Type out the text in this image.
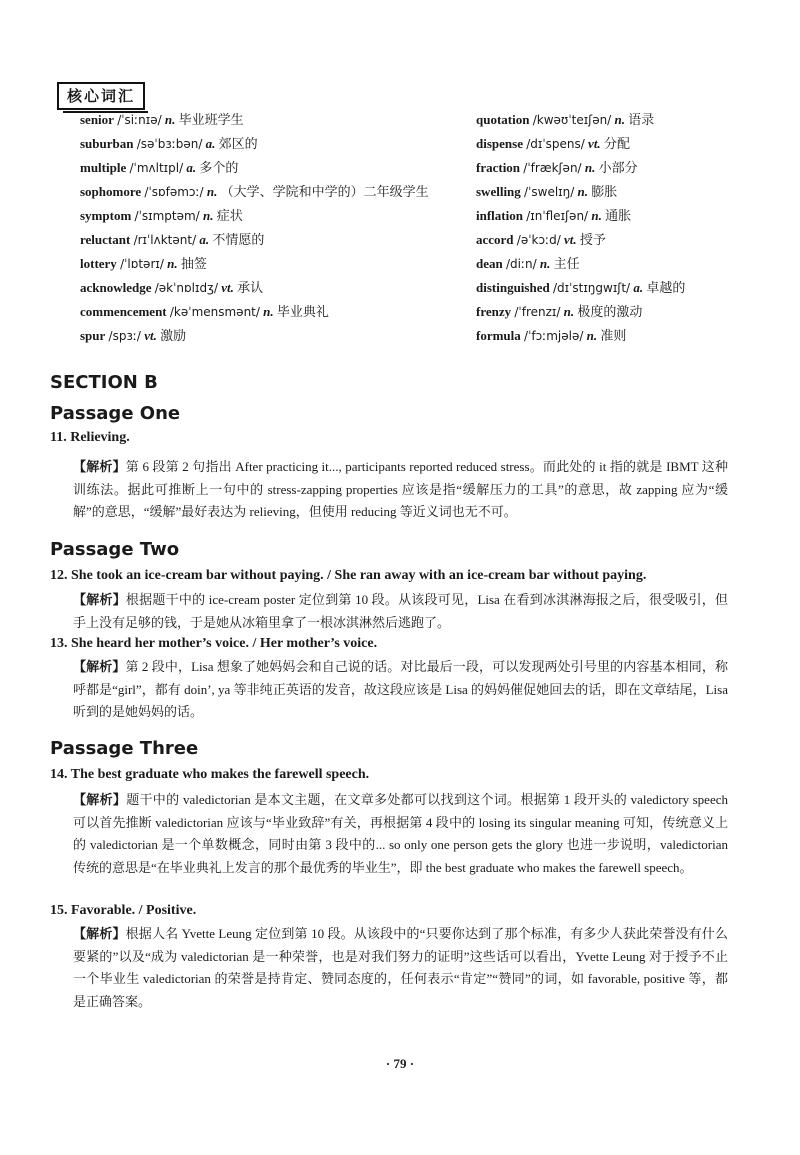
核心词汇
senior /ˈsiːnɪə/ n. 毕业班学生
suburban /səˈbɜːbən/ a. 郊区的
multiple /ˈmʌltɪpl/ a. 多个的
sophomore /ˈsɒfəmɔː/ n. （大学、学院和中学的）二年级学生
symptom /ˈsɪmptəm/ n. 症状
reluctant /rɪˈlʌktənt/ a. 不情愿的
lottery /ˈlɒtərɪ/ n. 抽签
acknowledge /əkˈnɒlɪdʒ/ vt. 承认
commencement /kəˈmensmənt/ n. 毕业典礼
spur /spɜː/ vt. 激励
quotation /kwəʊˈteɪʃən/ n. 语录
dispense /dɪˈspens/ vt. 分配
fraction /ˈfrækʃən/ n. 小部分
swelling /ˈswelɪŋ/ n. 膨胀
inflation /ɪnˈfleɪʃən/ n. 通胀
accord /əˈkɔːd/ vt. 授予
dean /diːn/ n. 主任
distinguished /dɪˈstɪŋgwɪʃt/ a. 卓越的
frenzy /ˈfrenzɪ/ n. 极度的激动
formula /ˈfɔːmjələ/ n. 准则
SECTION B
Passage One
11. Relieving.
【解析】第 6 段第 2 句指出 After practicing it..., participants reported reduced stress。而此处的 it 指的就是 IBMT 这种训练法。据此可推断上一句中的 stress-zapping properties 应该是指“缓解压力的工具”的意思，故 zapping 应为“缓解”的意思，“缓解”最好表达为 relieving，但使用 reducing 等近义词也无不可。
Passage Two
12. She took an ice-cream bar without paying. / She ran away with an ice-cream bar without paying.
【解析】根据题干中的 ice-cream poster 定位到第 10 段。从该段可见，Lisa 在看到冰淇淋海报之后，很受吸引，但手上没有足够的钱，于是她从冰箱里拿了一根冰淇淋然后逃跑了。
13. She heard her mother’s voice. / Her mother’s voice.
【解析】第 2 段中，Lisa 想象了她妈妈会和自己说的话。对比最后一段，可以发现两处引号里的内容基本相同，称呼都是“girl”，都有 doin’, ya 等非纯正英语的发音，故这段应该是 Lisa 的妈妈催促她回去的话，即在文章结尾，Lisa 听到的是她妈妈的话。
Passage Three
14. The best graduate who makes the farewell speech.
【解析】题干中的 valedictorian 是本文主题，在文章多处都可以找到这个词。根据第 1 段开头的 valedictory speech 可以首先推断 valedictorian 应该与“毕业致辞”有关，再根据第 4 段中的 losing its singular meaning 可知，传统意义上的 valedictorian 是一个单数概念，同时由第 3 段中的... so only one person gets the glory 也进一步说明，valedictorian 传统的意思是“在毕业典礼上发言的那个最优秀的毕业生”，即 the best graduate who makes the farewell speech。
15. Favorable. / Positive.
【解析】根据人名 Yvette Leung 定位到第 10 段。从该段中的“只要你达到了那个标准，有多少人获此荣誉没有什么要紧的”以及“成为 valedictorian 是一种荣誉，也是对我们努力的证明”这些话可以看出，Yvette Leung 对于授予不止一个毕业生 valedictorian 的荣誉是持肯定、赞同态度的，任何表示“肯定”“赞同”的词，如 favorable, positive 等，都是正确答案。
· 79 ·
